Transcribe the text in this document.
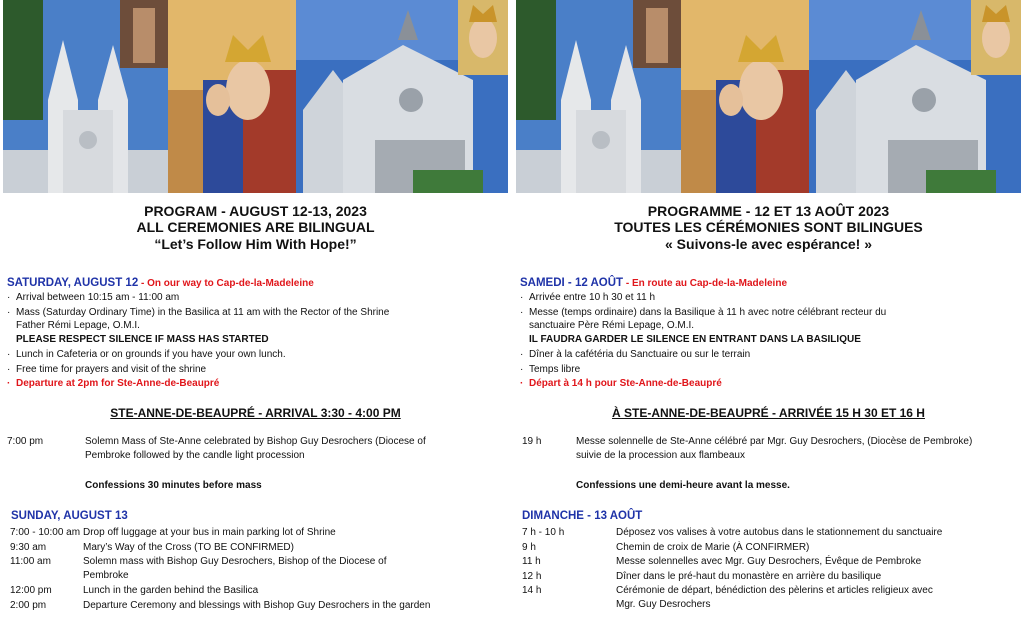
PROGRAM - AUGUST 12-13, 2023
ALL CEREMONIES ARE BILINGUAL
“Let’s Follow Him With Hope!”
SATURDAY, AUGUST 12 - On our way to Cap-de-la-Madeleine
· Arrival between 10:15 am - 11:00 am
· Mass (Saturday Ordinary Time) in the Basilica at 11 am with the Rector of the Shrine
Father Rémi Lepage, O.M.I.
PLEASE RESPECT SILENCE IF MASS HAS STARTED
· Lunch in Cafeteria or on grounds if you have your own lunch.
· Free time for prayers and visit of the shrine
· Departure at 2pm for Ste-Anne-de-Beaupré
STE-ANNE-DE-BEAUPRÉ - ARRIVAL 3:30 - 4:00 PM
7:00 pm	Solemn Mass of Ste-Anne celebrated by Bishop Guy Desrochers (Diocese of
Pembroke followed by the candle light procession
Confessions 30 minutes before mass
SUNDAY, AUGUST 13
7:00 - 10:00 am Drop off luggage at your bus in main parking lot of Shrine
9:30 am	Mary’s Way of the Cross (TO BE CONFIRMED)
11:00 am	Solemn mass with Bishop Guy Desrochers, Bishop of the Diocese of
Pembroke
12:00 pm	Lunch in the garden behind the Basilica
2:00 pm	Departure Ceremony and blessings with Bishop Guy Desrochers in the garden
PROGRAMME - 12 ET 13 AOÛT 2023
TOUTES LES CÉRÉMONIES SONT BILINGUES
« Suivons-le avec espérance! »
SAMEDI - 12 AOÛT - En route au Cap-de-la-Madeleine
· Arrivée entre 10 h 30 et 11 h
· Messe (temps ordinaire) dans la Basilique à 11 h avec notre célébrant recteur du
sanctuaire Père Rémi Lepage, O.M.I.
IL FAUDRA GARDER LE SILENCE EN ENTRANT DANS LA BASILIQUE
· Dîner à la cafétéria du Sanctuaire ou sur le terrain
· Temps libre
· Départ à 14 h pour Ste-Anne-de-Beaupré
À STE-ANNE-DE-BEAUPRÉ - ARRIVÉE 15 H 30 ET 16 H
19 h	Messe solennelle de Ste-Anne célébré par Mgr. Guy Desrochers, (Diocèse de Pembroke)
suivie de la procession aux flambeaux
Confessions une demi-heure avant la messe.
DIMANCHE - 13 AOÛT
7 h - 10 h	Déposez vos valises à votre autobus dans le stationnement du sanctuaire
9 h	Chemin de croix de Marie (À CONFIRMER)
11 h	Messe solennelles avec Mgr. Guy Desrochers, Évêque de Pembroke
12 h	Dîner dans le pré-haut du monastère en arrière du basilique
14 h	Cérémonie de départ, bénédiction des pèlerins et articles religieux avec
Mgr. Guy Desrochers
